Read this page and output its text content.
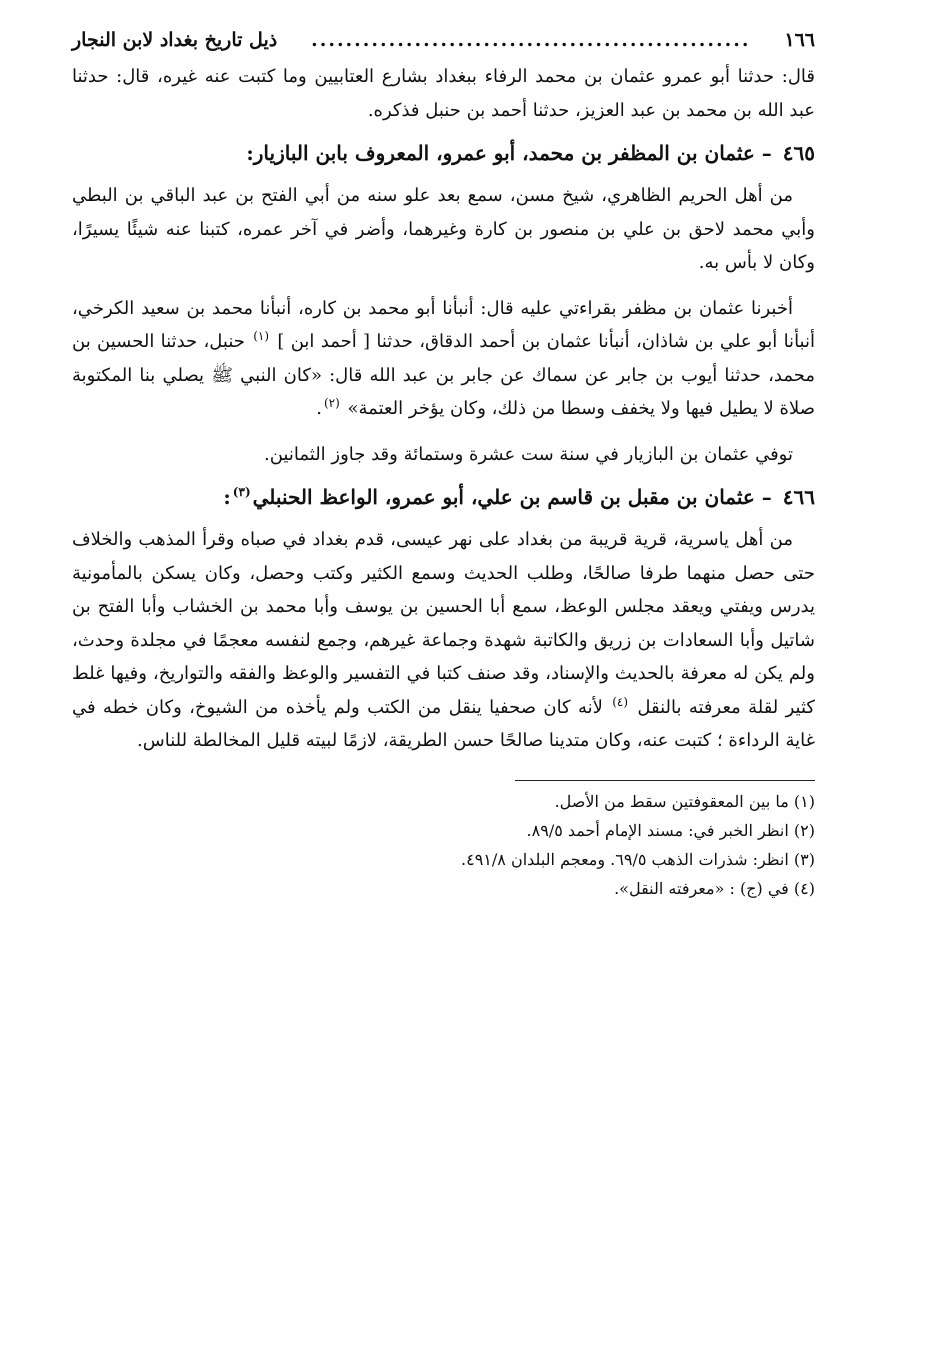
١٦٦
...................................................
ذيل تاريخ بغداد لابن النجار

قال: حدثنا أبو عمرو عثمان بن محمد الرفاء ببغداد بشارع العتابيين وما كتبت عنه غيره، قال: حدثنا عبد الله بن محمد بن عبد العزيز، حدثنا أحمد بن حنبل فذكره.

٤٦٥ – عثمان بن المظفر بن محمد، أبو عمرو، المعروف بابن البازيار:

من أهل الحريم الظاهري، شيخ مسن، سمع بعد علو سنه من أبي الفتح بن عبد الباقي بن البطي وأبي محمد لاحق بن علي بن منصور بن كارة وغيرهما، وأضر في آخر عمره، كتبنا عنه شيئًا يسيرًا، وكان لا بأس به.

أخبرنا عثمان بن مظفر بقراءتي عليه قال: أنبأنا أبو محمد بن كاره، أنبأنا محمد بن سعيد الكرخي، أنبأنا أبو علي بن شاذان، أنبأنا عثمان بن أحمد الدقاق، حدثنا [ أحمد ابن ] $^{(١)}$ حنبل، حدثنا الحسين بن محمد، حدثنا أيوب بن جابر عن سماك عن جابر بن عبد الله قال: «كان النبي ﷺ يصلي بنا المكتوبة صلاة لا يطيل فيها ولا يخفف وسطا من ذلك، وكان يؤخر العتمة» $^{(٢)}$.

توفي عثمان بن البازيار في سنة ست عشرة وستمائة وقد جاوز الثمانين.

٤٦٦ – عثمان بن مقبل بن قاسم بن علي، أبو عمرو، الواعظ الحنبلي$^{(٣)}$:

من أهل ياسرية، قرية قريبة من بغداد على نهر عيسى، قدم بغداد في صباه وقرأ المذهب والخلاف حتى حصل منهما طرفا صالحًا، وطلب الحديث وسمع الكثير وكتب وحصل، وكان يسكن بالمأمونية يدرس ويفتي ويعقد مجلس الوعظ، سمع أبا الحسين بن يوسف وأبا محمد بن الخشاب وأبا الفتح بن شاتيل وأبا السعادات بن زريق والكاتبة شهدة وجماعة غيرهم، وجمع لنفسه معجمًا في مجلدة وحدث، ولم يكن له معرفة بالحديث والإسناد، وقد صنف كتبا في التفسير والوعظ والفقه والتواريخ، وفيها غلط كثير لقلة معرفته بالنقل $^{(٤)}$ لأنه كان صحفيا ينقل من الكتب ولم يأخذه من الشيوخ، وكان خطه في غاية الرداءة ؛ كتبت عنه، وكان متدينا صالحًا حسن الطريقة، لازمًا لبيته قليل المخالطة للناس.

(١) ما بين المعقوفتين سقط من الأصل.

(٢) انظر الخبر في: مسند الإمام أحمد ٨٩/٥.

(٣) انظر: شذرات الذهب ٦٩/٥. ومعجم البلدان ٤٩١/٨.

(٤) في (ج) : «معرفته النقل».
